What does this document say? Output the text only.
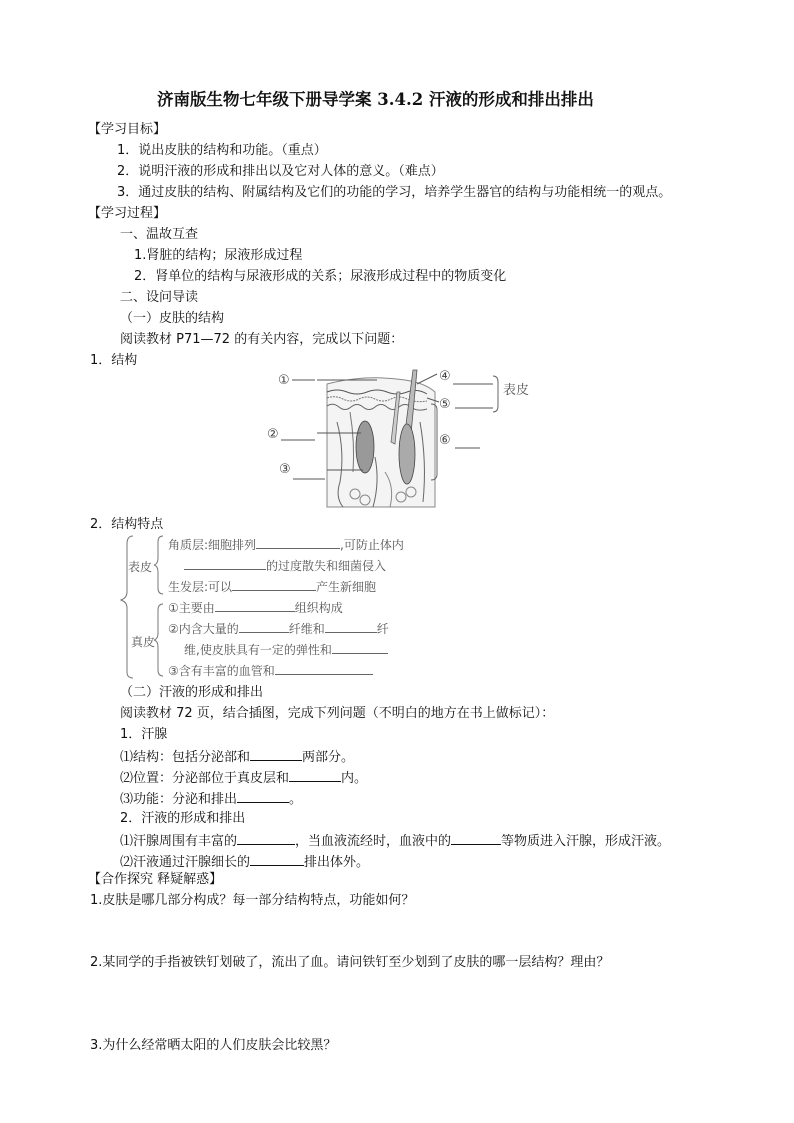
济南版生物七年级下册导学案 3.4.2 汗液的形成和排出排出
【学习目标】
1．说出皮肤的结构和功能。（重点）
2．说明汗液的形成和排出以及它对人体的意义。（难点）
3．通过皮肤的结构、附属结构及它们的功能的学习，培养学生器官的结构与功能相统一的观点。
【学习过程】
一、温故互查
1.肾脏的结构；尿液形成过程
2．肾单位的结构与尿液形成的关系；尿液形成过程中的物质变化
二、设问导读
（一）皮肤的结构
阅读教材 P71—72 的有关内容，完成以下问题：
1．结构
①
②
③
④
⑤
表皮
⑥
2．结构特点
表皮
真皮
角质层:细胞排列	,可防止体内
的过度散失和细菌侵入
生发层:可以	产生新细胞
①主要由	组织构成
②内含大量的	纤维和	纤
维,使皮肤具有一定的弹性和
③含有丰富的血管和
（二）汗液的形成和排出
阅读教材 72 页，结合插图，完成下列问题（不明白的地方在书上做标记）：
1．汗腺
⑴结构：包括分泌部和	两部分。
⑵位置：分泌部位于真皮层和	内。
⑶功能：分泌和排出	。
2．汗液的形成和排出
⑴汗腺周围有丰富的	，当血液流经时，血液中的	等物质进入汗腺，形成汗液。
⑵汗液通过汗腺细长的	排出体外。
【合作探究 释疑解惑】
1.皮肤是哪几部分构成？每一部分结构特点，功能如何？
2.某同学的手指被铁钉划破了，流出了血。请问铁钉至少划到了皮肤的哪一层结构？理由？
3.为什么经常晒太阳的人们皮肤会比较黑？
